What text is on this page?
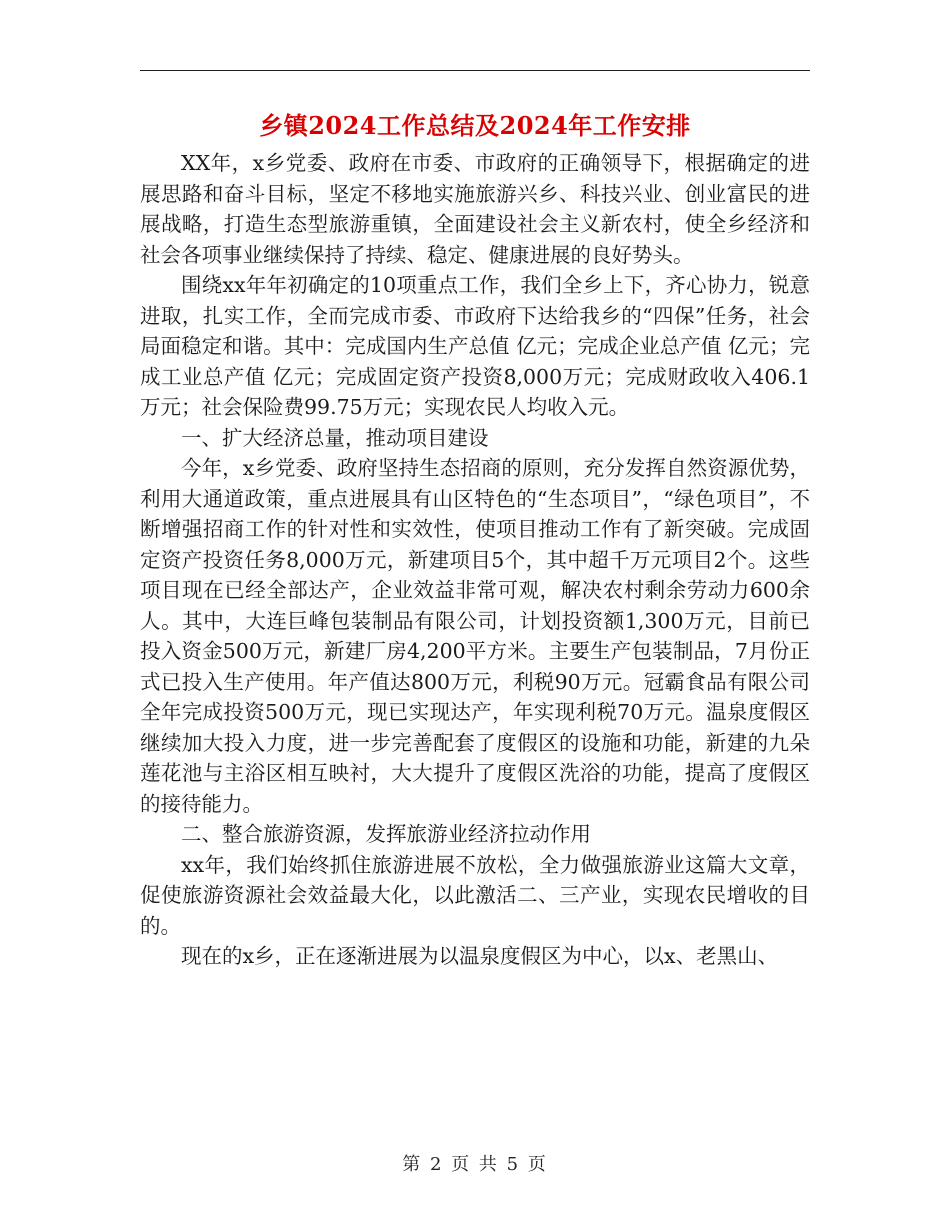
乡镇2024工作总结及2024年工作安排

XX年，x乡党委、政府在市委、市政府的正确领导下，根据确定的进展思路和奋斗目标，坚定不移地实施旅游兴乡、科技兴业、创业富民的进展战略，打造生态型旅游重镇，全面建设社会主义新农村，使全乡经济和社会各项事业继续保持了持续、稳定、健康进展的良好势头。

围绕xx年年初确定的10项重点工作，我们全乡上下，齐心协力，锐意进取，扎实工作，全而完成市委、市政府下达给我乡的“四保”任务，社会局面稳定和谐。其中：完成国内生产总值 亿元；完成企业总产值 亿元；完成工业总产值 亿元；完成固定资产投资8,000万元；完成财政收入406.1万元；社会保险费99.75万元；实现农民人均收入元。

一、扩大经济总量，推动项目建设

今年，x乡党委、政府坚持生态招商的原则，充分发挥自然资源优势，利用大通道政策，重点进展具有山区特色的“生态项目”，“绿色项目”，不断增强招商工作的针对性和实效性，使项目推动工作有了新突破。完成固定资产投资任务8,000万元，新建项目5个，其中超千万元项目2个。这些项目现在已经全部达产，企业效益非常可观，解决农村剩余劳动力600余人。其中，大连巨峰包装制品有限公司，计划投资额1,300万元，目前已投入资金500万元，新建厂房4,200平方米。主要生产包装制品，7月份正式已投入生产使用。年产值达800万元，利税90万元。冠霸食品有限公司全年完成投资500万元，现已实现达产，年实现利税70万元。温泉度假区继续加大投入力度，进一步完善配套了度假区的设施和功能，新建的九朵莲花池与主浴区相互映衬，大大提升了度假区洗浴的功能，提高了度假区的接待能力。

二、整合旅游资源，发挥旅游业经济拉动作用

xx年，我们始终抓住旅游进展不放松，全力做强旅游业这篇大文章，促使旅游资源社会效益最大化，以此激活二、三产业，实现农民增收的目的。

现在的x乡，正在逐渐进展为以温泉度假区为中心，以x、老黑山、

第 2 页 共 5 页
